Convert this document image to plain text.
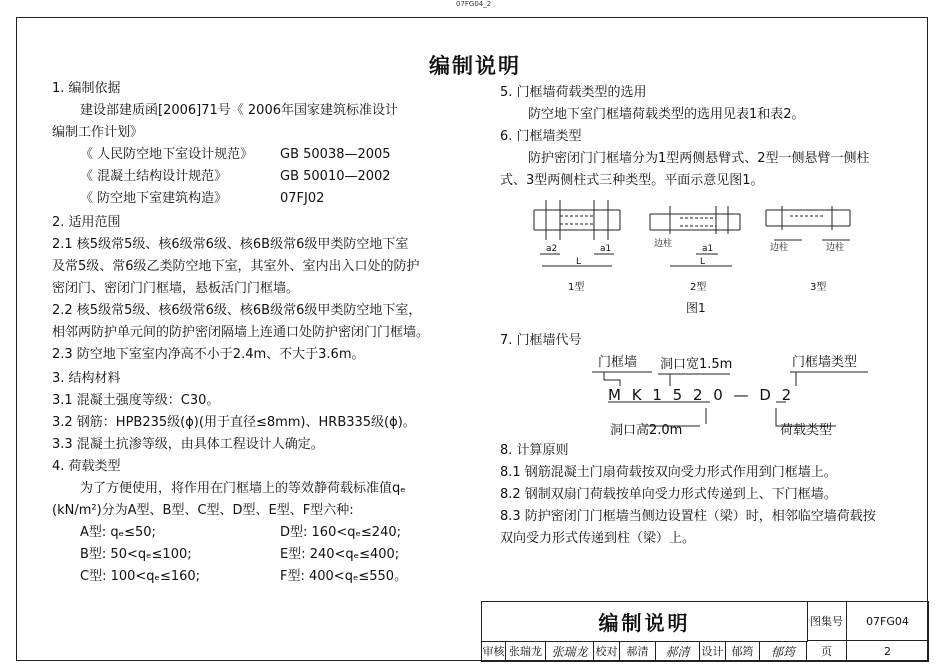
07FG04_2
编制说明
1. 编制依据
建设部建质函[2006]71号《 2006年国家建筑标准设计
编制工作计划》
《 人民防空地下室设计规范》	GB 50038—2005
《 混凝土结构设计规范》	GB 50010—2002
《 防空地下室建筑构造》	07FJ02
2. 适用范围
2.1 核5级常5级、核6级常6级、核6B级常6级甲类防空地下室
及常5级、常6级乙类防空地下室，其室外、室内出入口处的防护
密闭门、密闭门门框墙，悬板活门门框墙。
2.2 核5级常5级、核6级常6级、核6B级常6级甲类防空地下室，
相邻两防护单元间的防护密闭隔墙上连通口处防护密闭门门框墙。
2.3 防空地下室室内净高不小于2.4m、不大于3.6m。
3. 结构材料
3.1 混凝土强度等级：C30。
3.2 钢筋：HPB235级(ϕ)(用于直径≤8mm)、HRB335级(ϕ)。
3.3 混凝土抗渗等级，由具体工程设计人确定。
4. 荷载类型
为了方便使用，将作用在门框墙上的等效静荷载标准值qₑ
(kN/m²)分为A型、B型、C型、D型、E型、F型六种:
A型: qₑ≤50;	D型: 160<qₑ≤240;
B型: 50<qₑ≤100;	E型: 240<qₑ≤400;
C型: 100<qₑ≤160;	F型: 400<qₑ≤550。
5. 门框墙荷载类型的选用
防空地下室门框墙荷载类型的选用见表1和表2。
6. 门框墙类型
防护密闭门门框墙分为1型两侧悬臂式、2型一侧悬臂一侧柱
式、3型两侧柱式三种类型。平面示意见图1。
a2	a1
L
边柱	a1
L
边柱	边柱
1型	2型	3型
图1
7. 门框墙代号
门框墙 洞口宽1.5m	门框墙类型
M K 1 5 2 0 — D 2
洞口高2.0m	荷载类型
8. 计算原则
8.1 钢筋混凝土门扇荷载按双向受力形式作用到门框墙上。
8.2 钢制双扇门荷载按单向受力形式传递到上、下门框墙。
8.3 防护密闭门门框墙当侧边设置柱（梁）时，相邻临空墙荷载按
双向受力形式传递到柱（梁）上。
编制说明	图集号	07FG04
审核 张瑞龙 张瑞龙 校对 郝清	郝清	设计 郁筠	郁筠	页	2
